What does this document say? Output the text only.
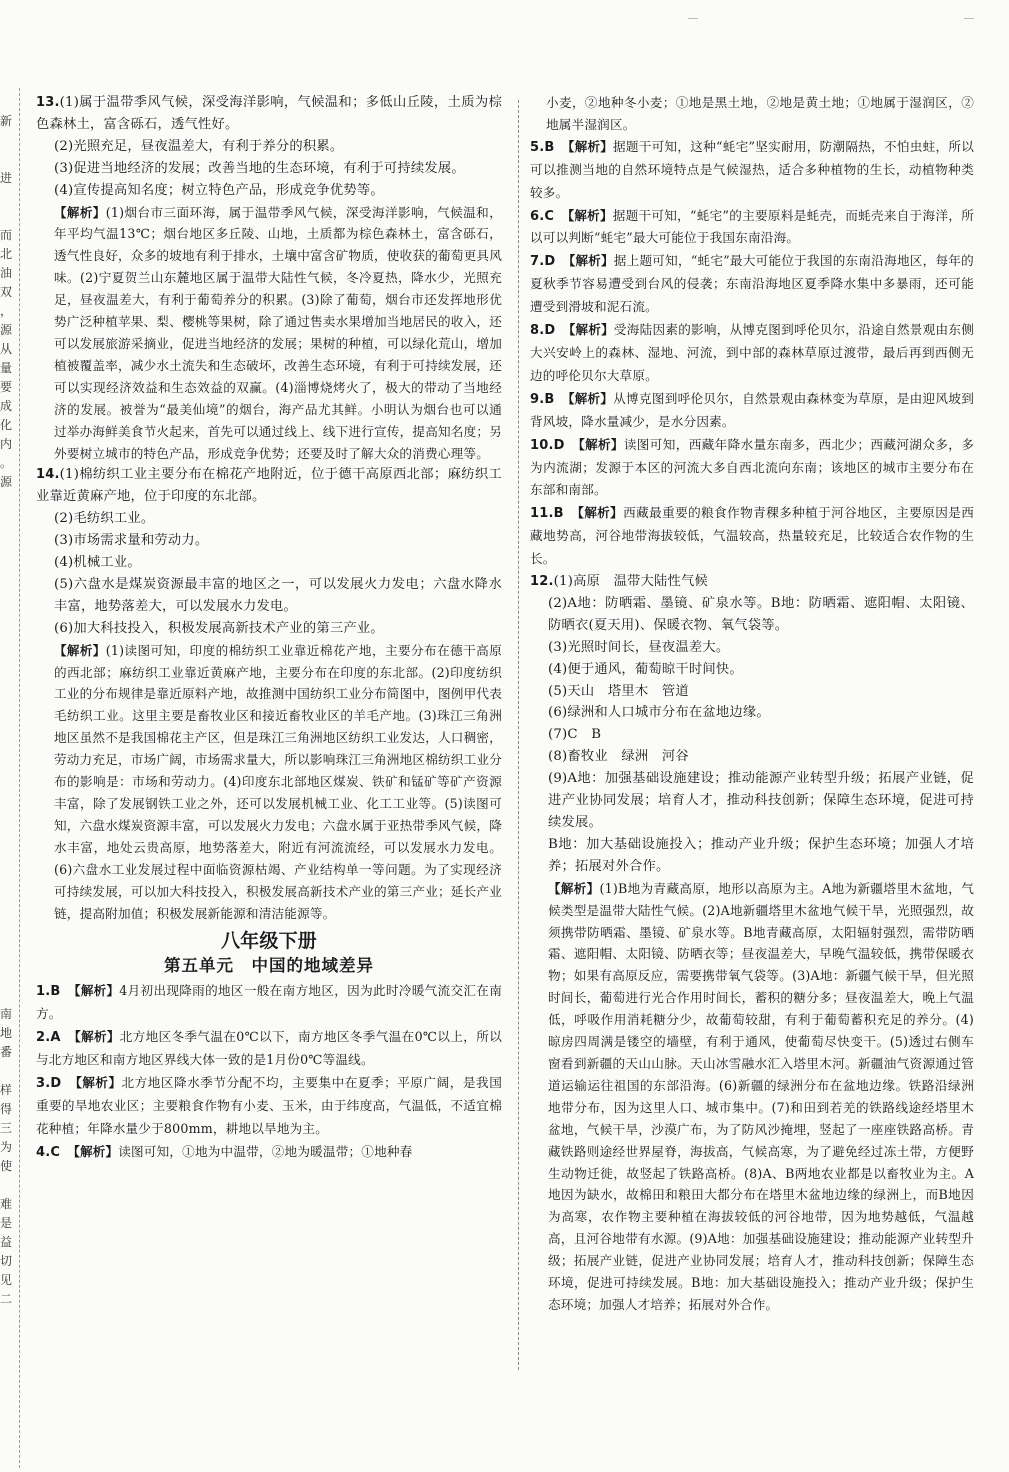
新
进
而
北
油
双
，
源
从
量
要
成
化
内
。
源
南
地
番
样
得
三
为
使
难
是
益
切
见
二

13.(1)属于温带季风气候，深受海洋影响，气候温和；多低山丘陵，土质为棕色森林土，富含砾石，透气性好。

(2)光照充足，昼夜温差大，有利于养分的积累。

(3)促进当地经济的发展；改善当地的生态环境，有利于可持续发展。

(4)宣传提高知名度；树立特色产品，形成竞争优势等。

【解析】(1)烟台市三面环海，属于温带季风气候，深受海洋影响，气候温和，年平均气温13℃；烟台地区多丘陵、山地，土质都为棕色森林土，富含砾石，透气性良好，众多的坡地有利于排水，土壤中富含矿物质，使收获的葡萄更具风味。(2)宁夏贺兰山东麓地区属于温带大陆性气候，冬冷夏热，降水少，光照充足，昼夜温差大，有利于葡萄养分的积累。(3)除了葡萄，烟台市还发挥地形优势广泛种植苹果、梨、樱桃等果树，除了通过售卖水果增加当地居民的收入，还可以发展旅游采摘业，促进当地经济的发展；果树的种植，可以绿化荒山，增加植被覆盖率，减少水土流失和生态破坏，改善生态环境，有利于可持续发展，还可以实现经济效益和生态效益的双赢。(4)淄博烧烤火了，极大的带动了当地经济的发展。被誉为“最美仙境”的烟台，海产品尤其鲜。小明认为烟台也可以通过举办海鲜美食节火起来，首先可以通过线上、线下进行宣传，提高知名度；另外要树立城市的特色产品，形成竞争优势；还要及时了解大众的消费心理等。

14.(1)棉纺织工业主要分布在棉花产地附近，位于德干高原西北部；麻纺织工业靠近黄麻产地，位于印度的东北部。

(2)毛纺织工业。

(3)市场需求量和劳动力。

(4)机械工业。

(5)六盘水是煤炭资源最丰富的地区之一，可以发展火力发电；六盘水降水丰富，地势落差大，可以发展水力发电。

(6)加大科技投入，积极发展高新技术产业的第三产业。

【解析】(1)读图可知，印度的棉纺织工业靠近棉花产地，主要分布在德干高原的西北部；麻纺织工业靠近黄麻产地，主要分布在印度的东北部。(2)印度纺织工业的分布规律是靠近原料产地，故推测中国纺织工业分布简图中，图例甲代表毛纺织工业。这里主要是畜牧业区和接近畜牧业区的羊毛产地。(3)珠江三角洲地区虽然不是我国棉花主产区，但是珠江三角洲地区纺织工业发达，人口稠密，劳动力充足，市场广阔，市场需求量大，所以影响珠江三角洲地区棉纺织工业分布的影响是：市场和劳动力。(4)印度东北部地区煤炭、铁矿和锰矿等矿产资源丰富，除了发展钢铁工业之外，还可以发展机械工业、化工工业等。(5)读图可知，六盘水煤炭资源丰富，可以发展火力发电；六盘水属于亚热带季风气候，降水丰富，地处云贵高原，地势落差大，附近有河流流经，可以发展水力发电。(6)六盘水工业发展过程中面临资源枯竭、产业结构单一等问题。为了实现经济可持续发展，可以加大科技投入，积极发展高新技术产业的第三产业；延长产业链，提高附加值；积极发展新能源和清洁能源等。

八年级下册
第五单元　中国的地域差异

1.B　 【解析】4月初出现降雨的地区一般在南方地区，因为此时冷暖气流交汇在南方。

2.A　 【解析】北方地区冬季气温在0℃以下，南方地区冬季气温在0℃以上，所以与北方地区和南方地区界线大体一致的是1月份0℃等温线。

3.D　 【解析】北方地区降水季节分配不均，主要集中在夏季；平原广阔，是我国重要的旱地农业区；主要粮食作物有小麦、玉米，由于纬度高，气温低，不适宜棉花种植；年降水量少于800mm，耕地以旱地为主。

4.C　 【解析】读图可知，①地为中温带，②地为暖温带；①地种春

小麦，②地种冬小麦；①地是黑土地，②地是黄土地；①地属于湿润区，②地属半湿润区。

5.B　 【解析】据题干可知，这种“蚝宅”坚实耐用，防潮隔热，不怕虫蛀，所以可以推测当地的自然环境特点是气候湿热，适合多种植物的生长，动植物种类较多。

6.C　 【解析】据题干可知，“蚝宅”的主要原料是蚝壳，而蚝壳来自于海洋，所以可以判断“蚝宅”最大可能位于我国东南沿海。

7.D　 【解析】据上题可知，“蚝宅”最大可能位于我国的东南沿海地区，每年的夏秋季节容易遭受到台风的侵袭；东南沿海地区夏季降水集中多暴雨，还可能遭受到滑坡和泥石流。

8.D　 【解析】受海陆因素的影响，从博克图到呼伦贝尔，沿途自然景观由东侧大兴安岭上的森林、湿地、河流，到中部的森林草原过渡带，最后再到西侧无边的呼伦贝尔大草原。

9.B　 【解析】从博克图到呼伦贝尔，自然景观由森林变为草原，是由迎风坡到背风坡，降水量减少，是水分因素。

10.D　 【解析】读图可知，西藏年降水量东南多，西北少；西藏河湖众多，多为内流湖；发源于本区的河流大多自西北流向东南；该地区的城市主要分布在东部和南部。

11.B　 【解析】西藏最重要的粮食作物青稞多种植于河谷地区，主要原因是西藏地势高，河谷地带海拔较低，气温较高，热量较充足，比较适合农作物的生长。

12.(1)高原　温带大陆性气候

(2)A地：防晒霜、墨镜、矿泉水等。B地：防晒霜、遮阳帽、太阳镜、防晒衣(夏天用)、保暖衣物、氧气袋等。

(3)光照时间长，昼夜温差大。

(4)便于通风，葡萄晾干时间快。

(5)天山　塔里木　管道

(6)绿洲和人口城市分布在盆地边缘。

(7)C　B

(8)畜牧业　绿洲　河谷

(9)A地：加强基础设施建设；推动能源产业转型升级；拓展产业链，促进产业协同发展；培育人才，推动科技创新；保障生态环境，促进可持续发展。

B地：加大基础设施投入；推动产业升级；保护生态环境；加强人才培养；拓展对外合作。

【解析】(1)B地为青藏高原，地形以高原为主。A地为新疆塔里木盆地，气候类型是温带大陆性气候。(2)A地新疆塔里木盆地气候干旱，光照强烈，故须携带防晒霜、墨镜、矿泉水等。B地青藏高原，太阳辐射强烈，需带防晒霜、遮阳帽、太阳镜、防晒衣等；昼夜温差大，早晚气温较低，携带保暖衣物；如果有高原反应，需要携带氧气袋等。(3)A地：新疆气候干旱，但光照时间长，葡萄进行光合作用时间长，蓄积的糖分多；昼夜温差大，晚上气温低，呼吸作用消耗糖分少，故葡萄较甜，有利于葡萄蓄积充足的养分。(4)晾房四周满是镂空的墙壁，有利于通风，使葡萄尽快变干。(5)透过右侧车窗看到新疆的天山山脉。天山冰雪融水汇入塔里木河。新疆油气资源通过管道运输运往祖国的东部沿海。(6)新疆的绿洲分布在盆地边缘。铁路沿绿洲地带分布，因为这里人口、城市集中。(7)和田到若羌的铁路线途经塔里木盆地，气候干旱，沙漠广布，为了防风沙掩埋，竖起了一座座铁路高桥。青藏铁路则途经世界屋脊，海拔高，气候高寒，为了避免经过冻土带，方便野生动物迁徙，故竖起了铁路高桥。(8)A、B两地农业都是以畜牧业为主。A地因为缺水，故棉田和粮田大都分布在塔里木盆地边缘的绿洲上，而B地因为高寒，农作物主要种植在海拔较低的河谷地带，因为地势越低，气温越高，且河谷地带有水源。(9)A地：加强基础设施建设；推动能源产业转型升级；拓展产业链，促进产业协同发展；培育人才，推动科技创新；保障生态环境，促进可持续发展。B地：加大基础设施投入；推动产业升级；保护生态环境；加强人才培养；拓展对外合作。
